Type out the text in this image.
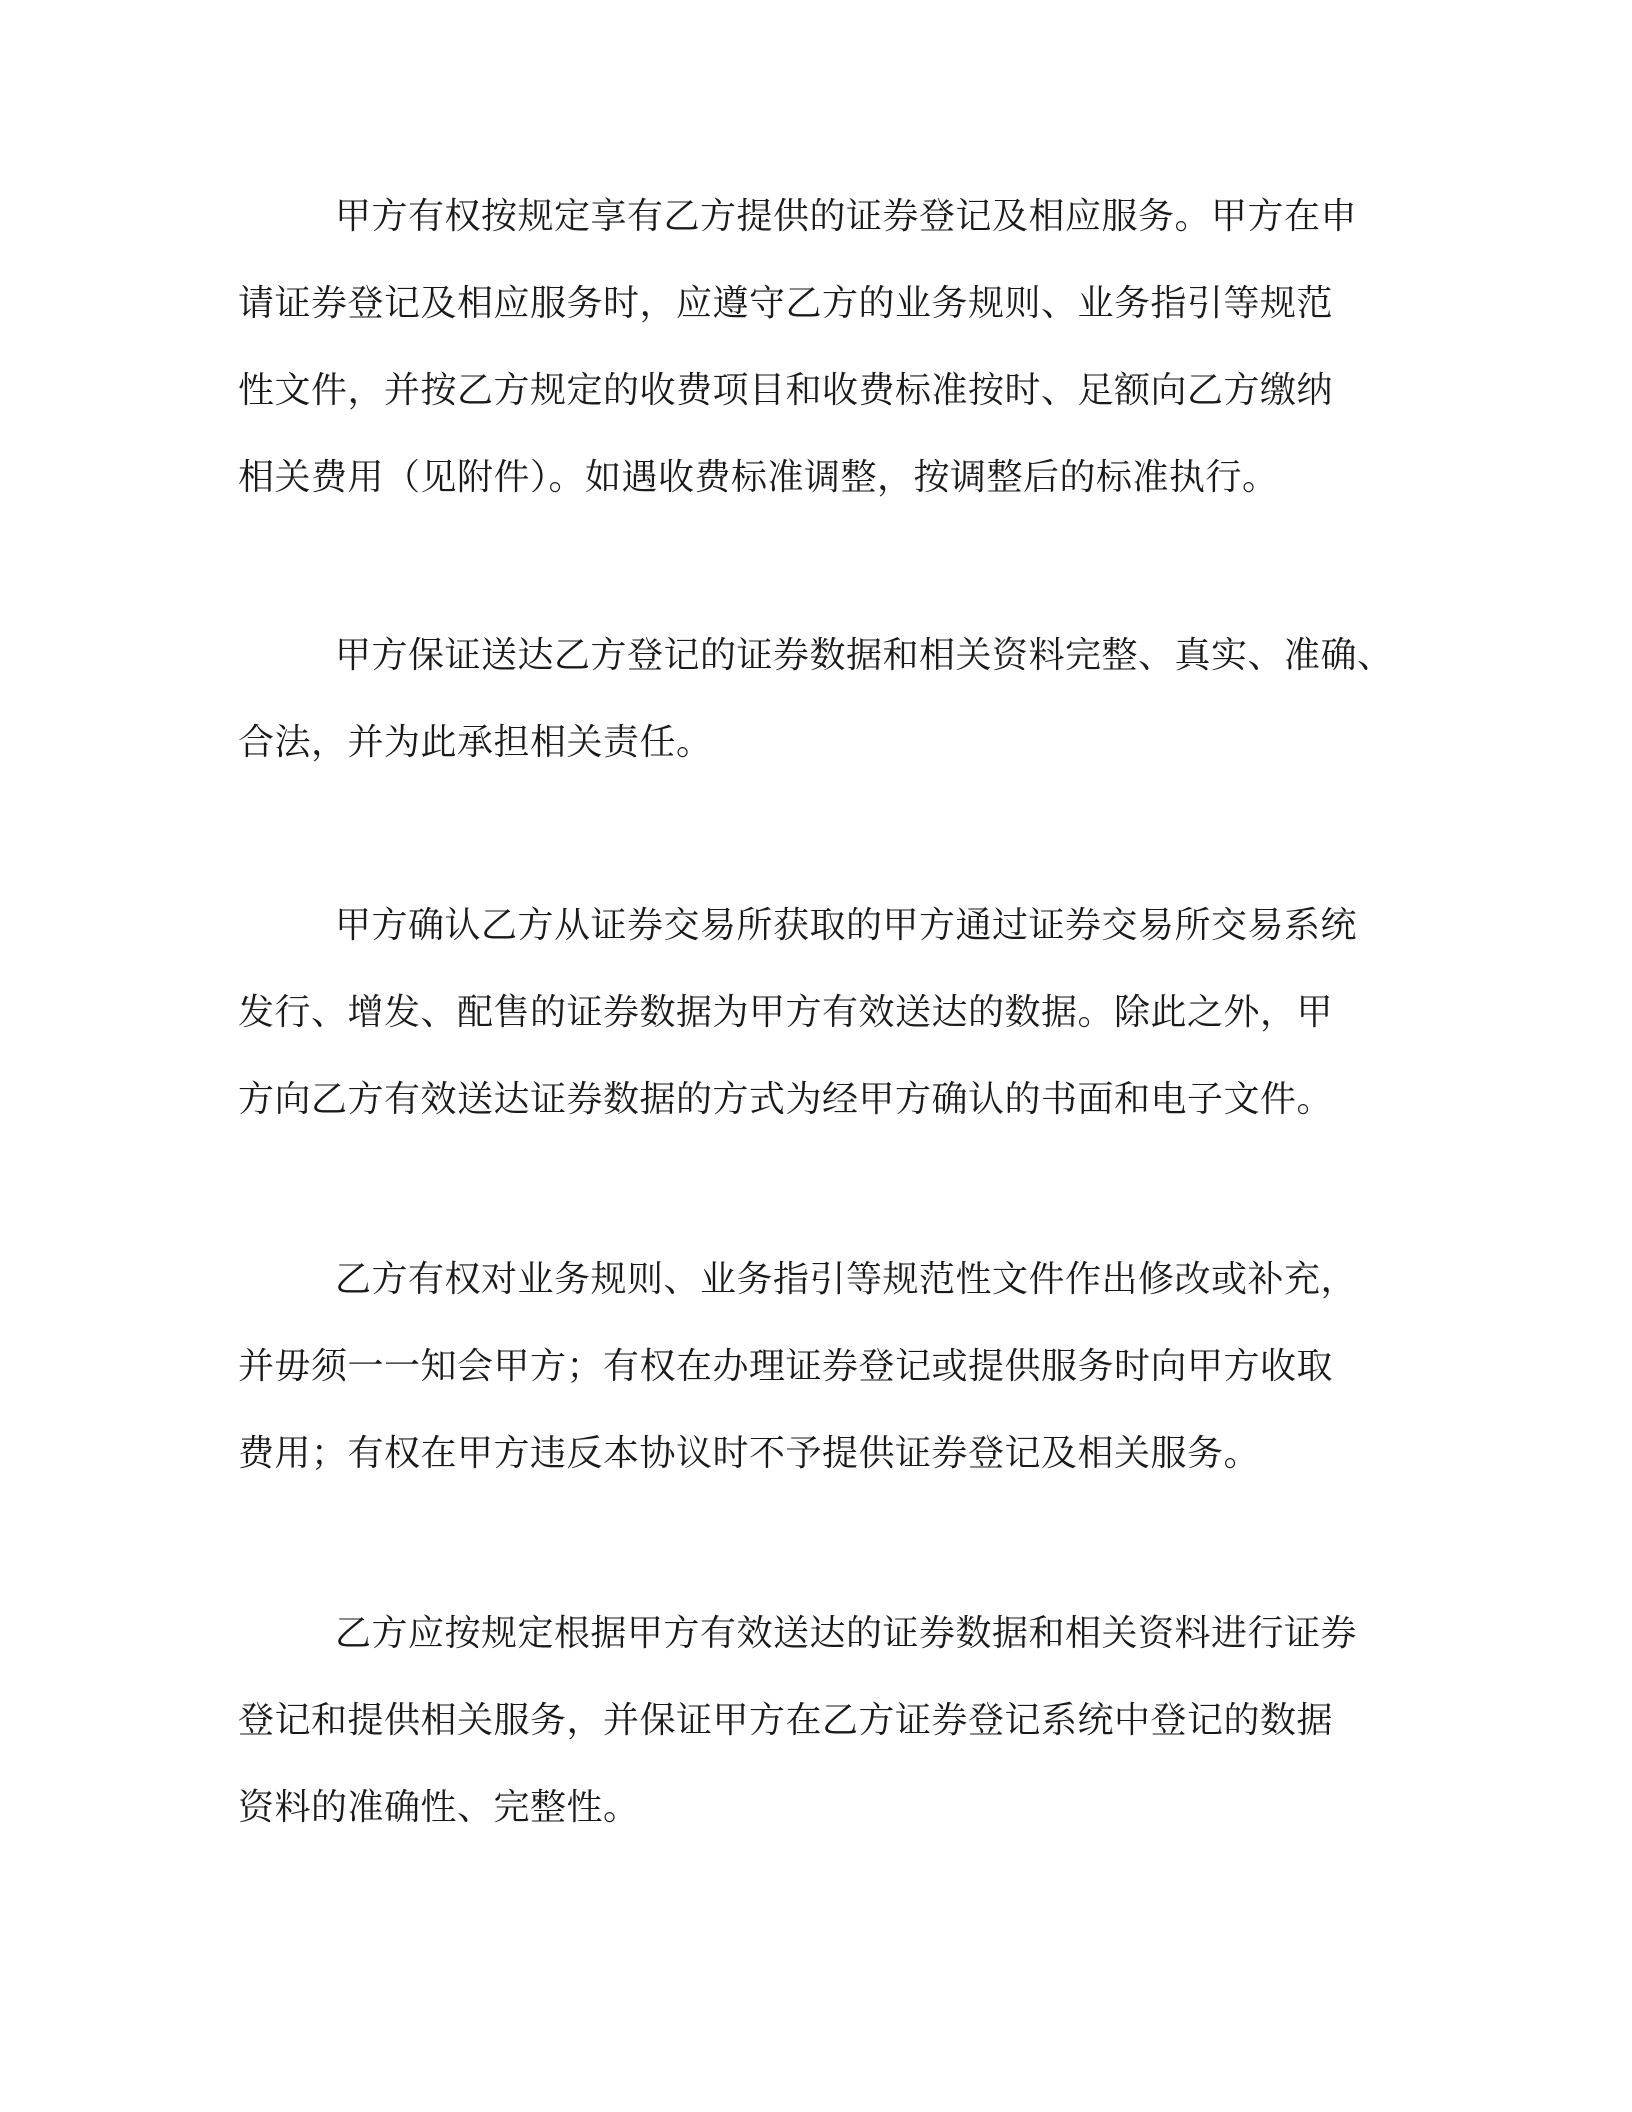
甲方有权按规定享有乙方提供的证券登记及相应服务。甲方在申
请证券登记及相应服务时，应遵守乙方的业务规则、业务指引等规范
性文件，并按乙方规定的收费项目和收费标准按时、足额向乙方缴纳
相关费用（见附件）。如遇收费标准调整，按调整后的标准执行。
甲方保证送达乙方登记的证券数据和相关资料完整、真实、准确、
合法，并为此承担相关责任。
甲方确认乙方从证券交易所获取的甲方通过证券交易所交易系统
发行、增发、配售的证券数据为甲方有效送达的数据。除此之外，甲
方向乙方有效送达证券数据的方式为经甲方确认的书面和电子文件。
乙方有权对业务规则、业务指引等规范性文件作出修改或补充，
并毋须一一知会甲方；有权在办理证券登记或提供服务时向甲方收取
费用；有权在甲方违反本协议时不予提供证券登记及相关服务。
乙方应按规定根据甲方有效送达的证券数据和相关资料进行证券
登记和提供相关服务，并保证甲方在乙方证券登记系统中登记的数据
资料的准确性、完整性。
